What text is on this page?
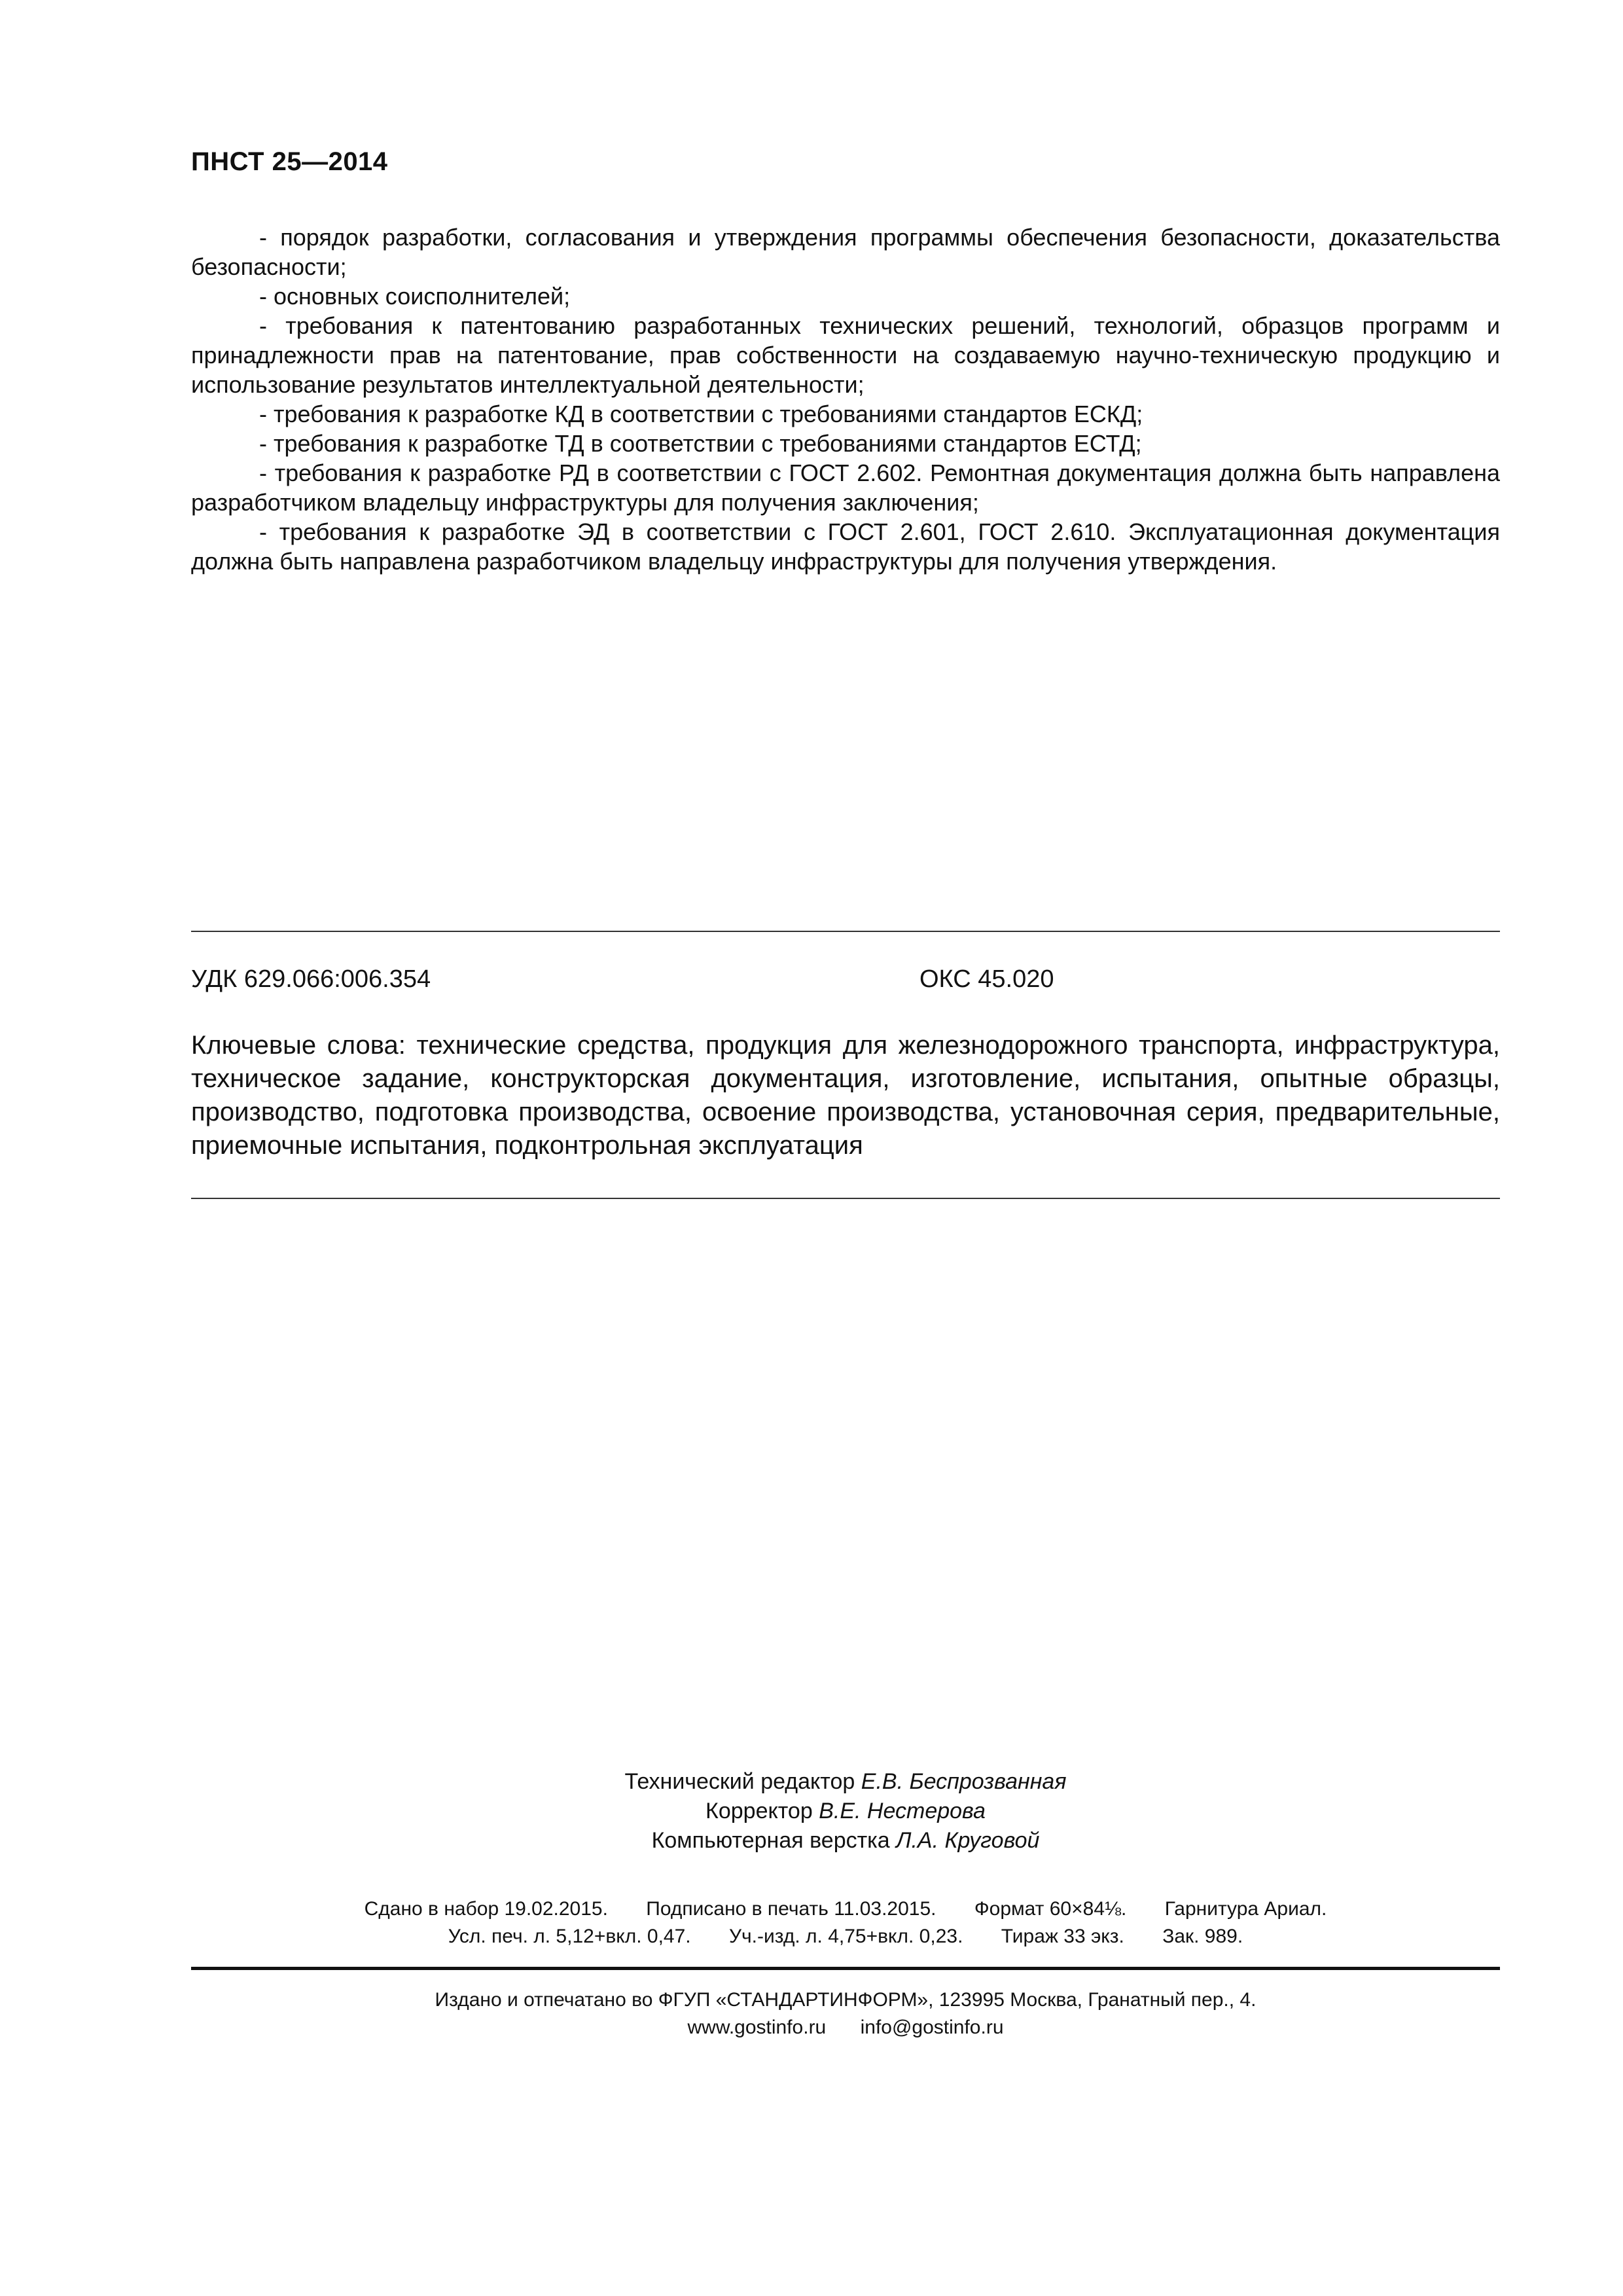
ПНСТ 25—2014

- порядок разработки, согласования и утверждения программы обеспечения безопасности, доказательства безопасности;

- основных соисполнителей;

- требования к патентованию разработанных технических решений, технологий, образцов программ и принадлежности прав на патентование, прав собственности на создаваемую научно-техническую продукцию и использование результатов интеллектуальной деятельности;

- требования к разработке КД в соответствии с требованиями стандартов ЕСКД;

- требования к разработке ТД в соответствии с требованиями стандартов ЕСТД;

- требования к разработке РД в соответствии с ГОСТ 2.602. Ремонтная документация должна быть направлена разработчиком владельцу инфраструктуры для получения заключения;

- требования к разработке ЭД в соответствии с ГОСТ 2.601, ГОСТ 2.610. Эксплуатационная документация должна быть направлена разработчиком владельцу инфраструктуры для получения утверждения.

УДК 629.066:006.354	ОКС 45.020

Ключевые слова: технические средства, продукция для железнодорожного транспорта, инфраструктура, техническое задание, конструкторская документация, изготовление, испытания, опытные образцы, производство, подготовка производства, освоение производства, установочная серия, предварительные, приемочные испытания, подконтрольная эксплуатация

Технический редактор Е.В. Беспрозванная
Корректор В.Е. Нестерова
Компьютерная верстка Л.А. Круговой
Сдано в набор 19.02.2015. Подписано в печать 11.03.2015. Формат 60×84⅛. Гарнитура Ариал.
Усл. печ. л. 5,12+вкл. 0,47. Уч.-изд. л. 4,75+вкл. 0,23. Тираж 33 экз. Зак. 989.
Издано и отпечатано во ФГУП «СТАНДАРТИНФОРМ», 123995 Москва, Гранатный пер., 4.
www.gostinfo.ru info@gostinfo.ru
